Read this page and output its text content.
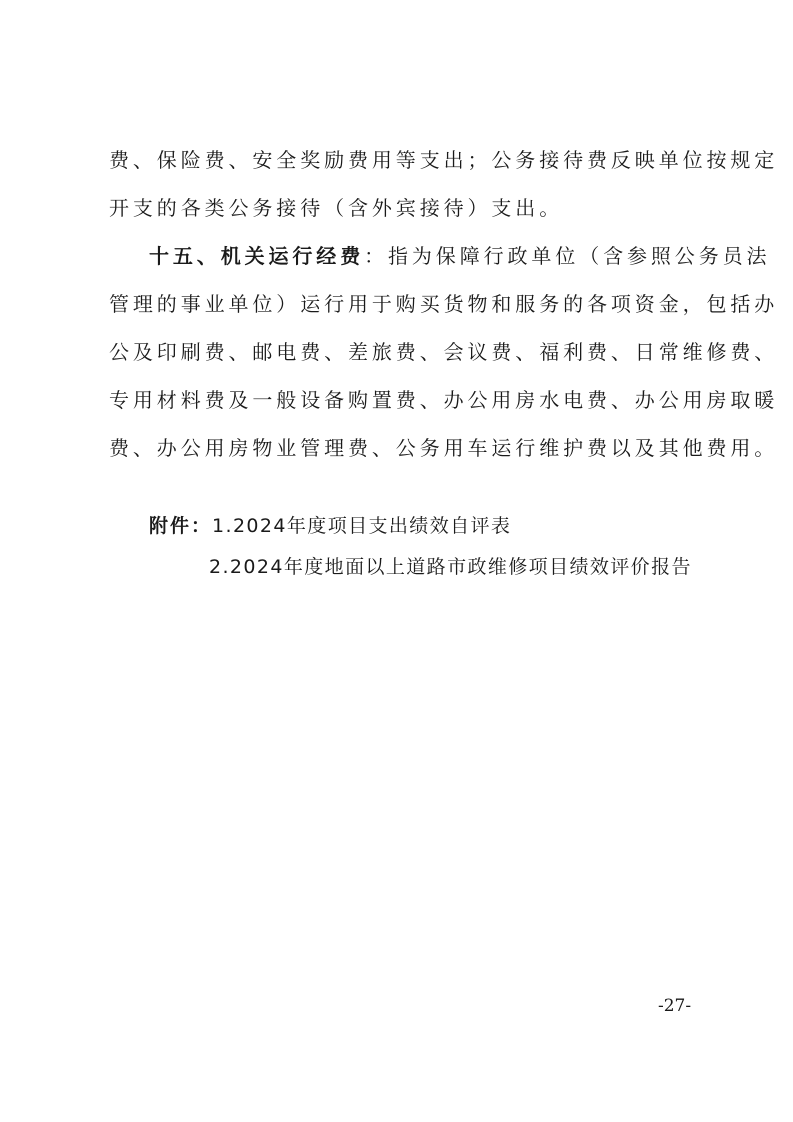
费、保险费、安全奖励费用等支出；公务接待费反映单位按规定
开支的各类公务接待（含外宾接待）支出。
十五、机关运行经费：指为保障行政单位（含参照公务员法
管理的事业单位）运行用于购买货物和服务的各项资金，包括办
公及印刷费、邮电费、差旅费、会议费、福利费、日常维修费、
专用材料费及一般设备购置费、办公用房水电费、办公用房取暖
费、办公用房物业管理费、公务用车运行维护费以及其他费用。
附件：1.2024年度项目支出绩效自评表
2.2024年度地面以上道路市政维修项目绩效评价报告
-27-
